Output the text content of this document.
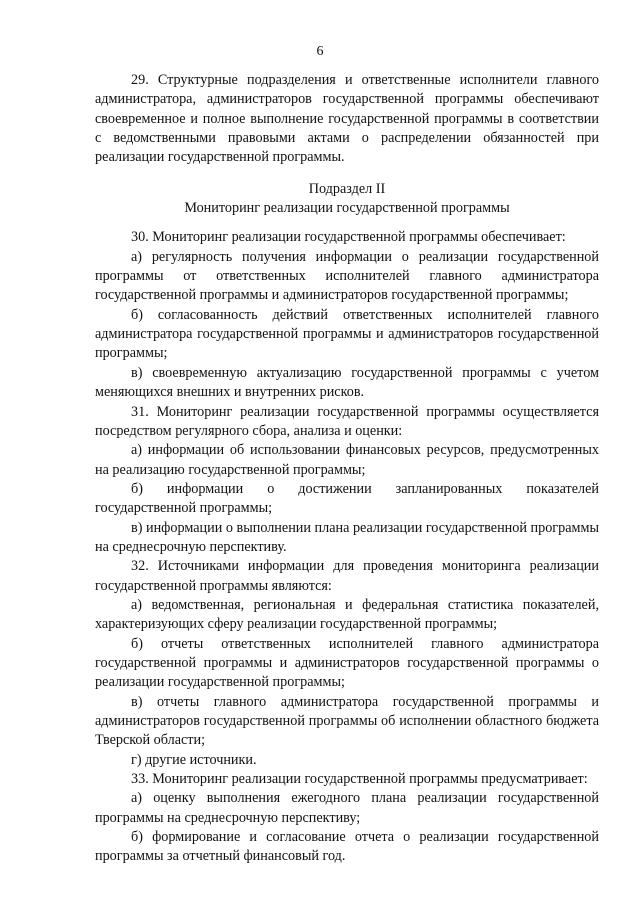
6

29. Структурные подразделения и ответственные исполнители главного администратора, администраторов государственной программы обеспечивают своевременное и полное выполнение государственной программы в соответствии с ведомственными правовыми актами о распределении обязанностей при реализации государственной программы.

Подраздел II

Мониторинг реализации государственной программы

30. Мониторинг реализации государственной программы обеспечивает:

а) регулярность получения информации о реализации государственной программы от ответственных исполнителей главного администратора государственной программы и администраторов государственной программы;

б) согласованность действий ответственных исполнителей главного администратора государственной программы и администраторов государственной программы;

в) своевременную актуализацию государственной программы с учетом меняющихся внешних и внутренних рисков.

31. Мониторинг реализации государственной программы осуществляется посредством регулярного сбора, анализа и оценки:

а) информации об использовании финансовых ресурсов, предусмотренных на реализацию государственной программы;

б) информации о достижении запланированных показателей государственной программы;

в) информации о выполнении плана реализации государственной программы на среднесрочную перспективу.

32. Источниками информации для проведения мониторинга реализации государственной программы являются:

а) ведомственная, региональная и федеральная статистика показателей, характеризующих сферу реализации государственной программы;

б) отчеты ответственных исполнителей главного администратора государственной программы и администраторов государственной программы о реализации государственной программы;

в) отчеты главного администратора государственной программы и администраторов государственной программы об исполнении областного бюджета Тверской области;

г) другие источники.

33. Мониторинг реализации государственной программы предусматривает:

а) оценку выполнения ежегодного плана реализации государственной программы на среднесрочную перспективу;

б) формирование и согласование отчета о реализации государственной программы за отчетный финансовый год.
